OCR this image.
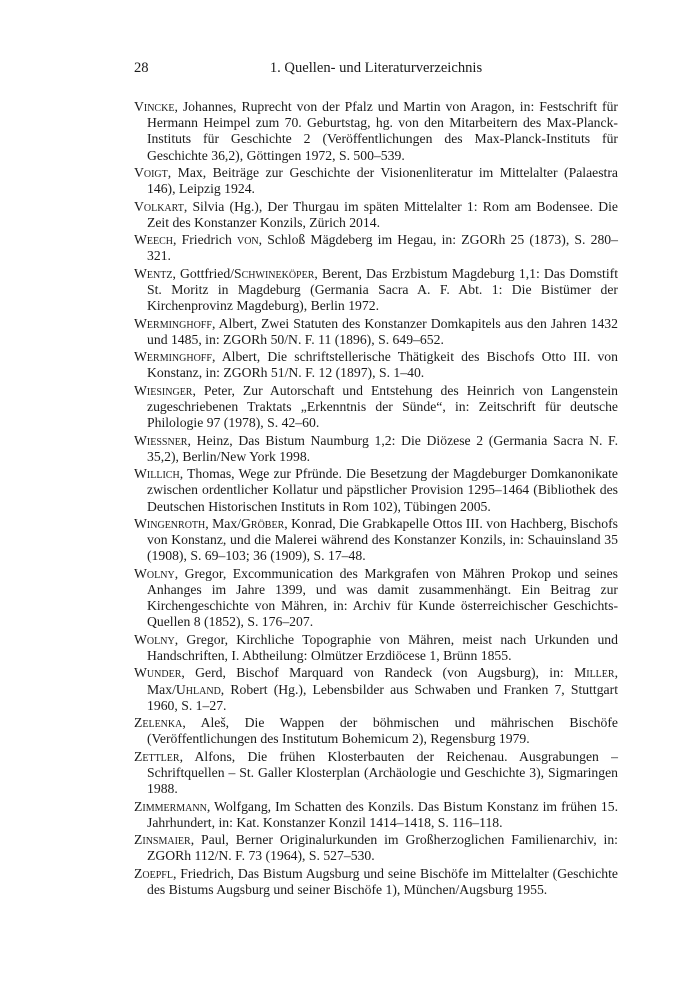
28	1. Quellen- und Literaturverzeichnis

Vincke, Johannes, Ruprecht von der Pfalz und Martin von Aragon, in: Festschrift für Hermann Heimpel zum 70. Geburtstag, hg. von den Mitarbeitern des Max-Planck-Instituts für Geschichte 2 (Veröffentlichungen des Max-Planck-Instituts für Geschichte 36,2), Göttingen 1972, S. 500–539.

Voigt, Max, Beiträge zur Geschichte der Visionenliteratur im Mittelalter (Palaestra 146), Leipzig 1924.

Volkart, Silvia (Hg.), Der Thurgau im späten Mittelalter 1: Rom am Bodensee. Die Zeit des Konstanzer Konzils, Zürich 2014.

Weech, Friedrich von, Schloß Mägdeberg im Hegau, in: ZGORh 25 (1873), S. 280–321.

Wentz, Gottfried/Schwineköper, Berent, Das Erzbistum Magdeburg 1,1: Das Domstift St. Moritz in Magdeburg (Germania Sacra A. F. Abt. 1: Die Bistümer der Kirchenprovinz Magdeburg), Berlin 1972.

Werminghoff, Albert, Zwei Statuten des Konstanzer Domkapitels aus den Jahren 1432 und 1485, in: ZGORh 50/N. F. 11 (1896), S. 649–652.

Werminghoff, Albert, Die schriftstellerische Thätigkeit des Bischofs Otto III. von Konstanz, in: ZGORh 51/N. F. 12 (1897), S. 1–40.

Wiesinger, Peter, Zur Autorschaft und Entstehung des Heinrich von Langenstein zugeschriebenen Traktats „Erkenntnis der Sünde“, in: Zeitschrift für deutsche Philologie 97 (1978), S. 42–60.

Wiessner, Heinz, Das Bistum Naumburg 1,2: Die Diözese 2 (Germania Sacra N. F. 35,2), Berlin/New York 1998.

Willich, Thomas, Wege zur Pfründe. Die Besetzung der Magdeburger Domkanonikate zwischen ordentlicher Kollatur und päpstlicher Provision 1295–1464 (Bibliothek des Deutschen Historischen Instituts in Rom 102), Tübingen 2005.

Wingenroth, Max/Gröber, Konrad, Die Grabkapelle Ottos III. von Hachberg, Bischofs von Konstanz, und die Malerei während des Konstanzer Konzils, in: Schauinsland 35 (1908), S. 69–103; 36 (1909), S. 17–48.

Wolny, Gregor, Excommunication des Markgrafen von Mähren Prokop und seines Anhanges im Jahre 1399, und was damit zusammenhängt. Ein Beitrag zur Kirchengeschichte von Mähren, in: Archiv für Kunde österreichischer Geschichts-Quellen 8 (1852), S. 176–207.

Wolny, Gregor, Kirchliche Topographie von Mähren, meist nach Urkunden und Handschriften, I. Abtheilung: Olmützer Erzdiöcese 1, Brünn 1855.

Wunder, Gerd, Bischof Marquard von Randeck (von Augsburg), in: Miller, Max/Uhland, Robert (Hg.), Lebensbilder aus Schwaben und Franken 7, Stuttgart 1960, S. 1–27.

Zelenka, Aleš, Die Wappen der böhmischen und mährischen Bischöfe (Veröffentlichungen des Institutum Bohemicum 2), Regensburg 1979.

Zettler, Alfons, Die frühen Klosterbauten der Reichenau. Ausgrabungen – Schriftquellen – St. Galler Klosterplan (Archäologie und Geschichte 3), Sigmaringen 1988.

Zimmermann, Wolfgang, Im Schatten des Konzils. Das Bistum Konstanz im frühen 15. Jahrhundert, in: Kat. Konstanzer Konzil 1414–1418, S. 116–118.

Zinsmaier, Paul, Berner Originalurkunden im Großherzoglichen Familienarchiv, in: ZGORh 112/N. F. 73 (1964), S. 527–530.

Zoepfl, Friedrich, Das Bistum Augsburg und seine Bischöfe im Mittelalter (Geschichte des Bistums Augsburg und seiner Bischöfe 1), München/Augsburg 1955.
